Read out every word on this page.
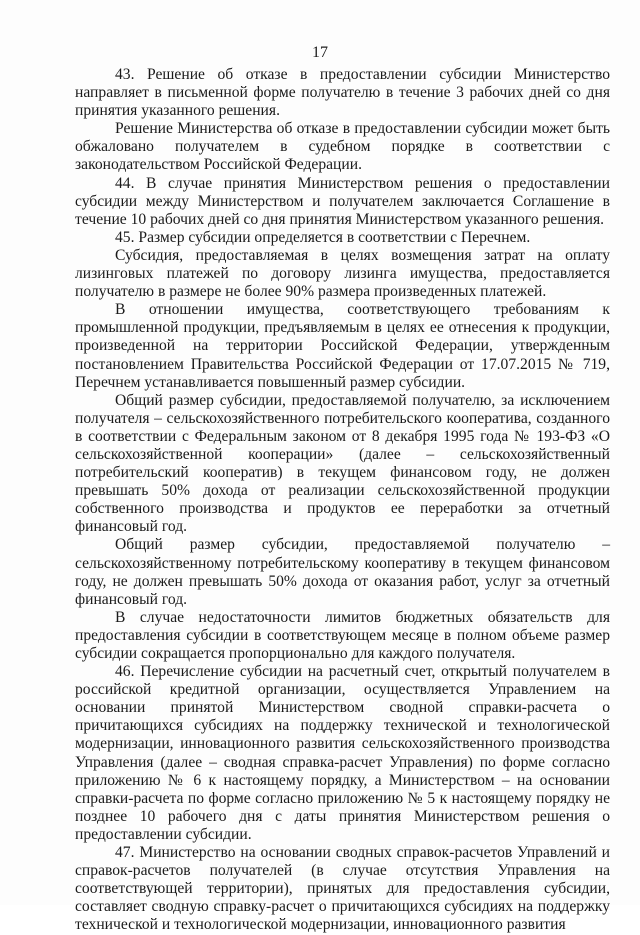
17

43. Решение об отказе в предоставлении субсидии Министерство направляет в письменной форме получателю в течение 3 рабочих дней со дня принятия указанного решения.

Решение Министерства об отказе в предоставлении субсидии может быть обжаловано получателем в судебном порядке в соответствии с законодательством Российской Федерации.

44. В случае принятия Министерством решения о предоставлении субсидии между Министерством и получателем заключается Соглашение в течение 10 рабочих дней со дня принятия Министерством указанного решения.

45. Размер субсидии определяется в соответствии с Перечнем.

Субсидия, предоставляемая в целях возмещения затрат на оплату лизинговых платежей по договору лизинга имущества, предоставляется получателю в размере не более 90% размера произведенных платежей.

В отношении имущества, соответствующего требованиям к промышленной продукции, предъявляемым в целях ее отнесения к продукции, произведенной на территории Российской Федерации, утвержденным постановлением Правительства Российской Федерации от 17.07.2015 № 719, Перечнем устанавливается повышенный размер субсидии.

Общий размер субсидии, предоставляемой получателю, за исключением получателя – сельскохозяйственного потребительского кооператива, созданного в соответствии с Федеральным законом от 8 декабря 1995 года № 193-ФЗ «О сельскохозяйственной кооперации» (далее – сельскохозяйственный потребительский кооператив) в текущем финансовом году, не должен превышать 50% дохода от реализации сельскохозяйственной продукции собственного производства и продуктов ее переработки за отчетный финансовый год.

Общий размер субсидии, предоставляемой получателю – сельскохозяйственному потребительскому кооперативу в текущем финансовом году, не должен превышать 50% дохода от оказания работ, услуг за отчетный финансовый год.

В случае недостаточности лимитов бюджетных обязательств для предоставления субсидии в соответствующем месяце в полном объеме размер субсидии сокращается пропорционально для каждого получателя.

46. Перечисление субсидии на расчетный счет, открытый получателем в российской кредитной организации, осуществляется Управлением на основании принятой Министерством сводной справки-расчета о причитающихся субсидиях на поддержку технической и технологической модернизации, инновационного развития сельскохозяйственного производства Управления (далее – сводная справка-расчет Управления) по форме согласно приложению № 6 к настоящему порядку, а Министерством – на основании справки-расчета по форме согласно приложению № 5 к настоящему порядку не позднее 10 рабочего дня с даты принятия Министерством решения о предоставлении субсидии.

47. Министерство на основании сводных справок-расчетов Управлений и справок-расчетов получателей (в случае отсутствия Управления на соответствующей территории), принятых для предоставления субсидии, составляет сводную справку-расчет о причитающихся субсидиях на поддержку технической и технологической модернизации, инновационного развития
